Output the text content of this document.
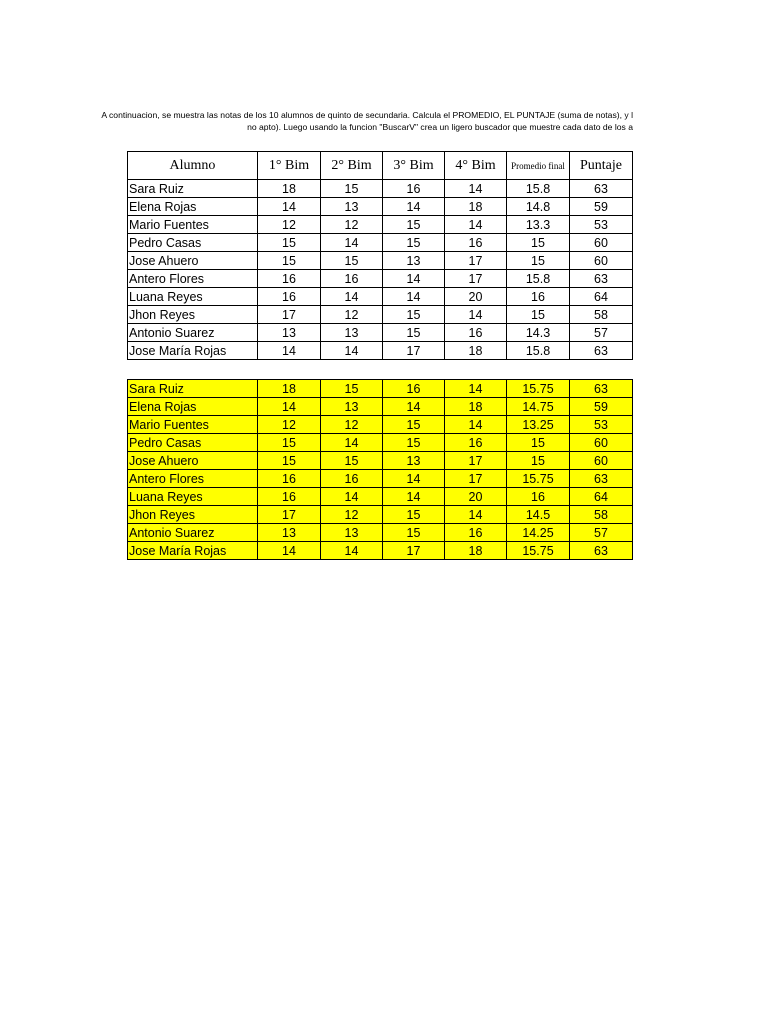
A continuacion, se muestra las notas de los 10 alumnos de quinto de secundaria. Calcula el PROMEDIO, EL PUNTAJE (suma de notas), y l
no apto). Luego usando la funcion "BuscarV" crea un ligero buscador que muestre cada dato de los a
Alumno	1° Bim	2° Bim	3° Bim	4° Bim	Promedio final	Puntaje
Sara Ruiz	18	15	16	14	15.8	63
Elena Rojas	14	13	14	18	14.8	59
Mario Fuentes	12	12	15	14	13.3	53
Pedro Casas	15	14	15	16	15	60
Jose Ahuero	15	15	13	17	15	60
Antero Flores	16	16	14	17	15.8	63
Luana Reyes	16	14	14	20	16	64
Jhon Reyes	17	12	15	14	15	58
Antonio Suarez	13	13	15	16	14.3	57
Jose María Rojas	14	14	17	18	15.8	63
Sara Ruiz	18	15	16	14	15.75	63
Elena Rojas	14	13	14	18	14.75	59
Mario Fuentes	12	12	15	14	13.25	53
Pedro Casas	15	14	15	16	15	60
Jose Ahuero	15	15	13	17	15	60
Antero Flores	16	16	14	17	15.75	63
Luana Reyes	16	14	14	20	16	64
Jhon Reyes	17	12	15	14	14.5	58
Antonio Suarez	13	13	15	16	14.25	57
Jose María Rojas	14	14	17	18	15.75	63
